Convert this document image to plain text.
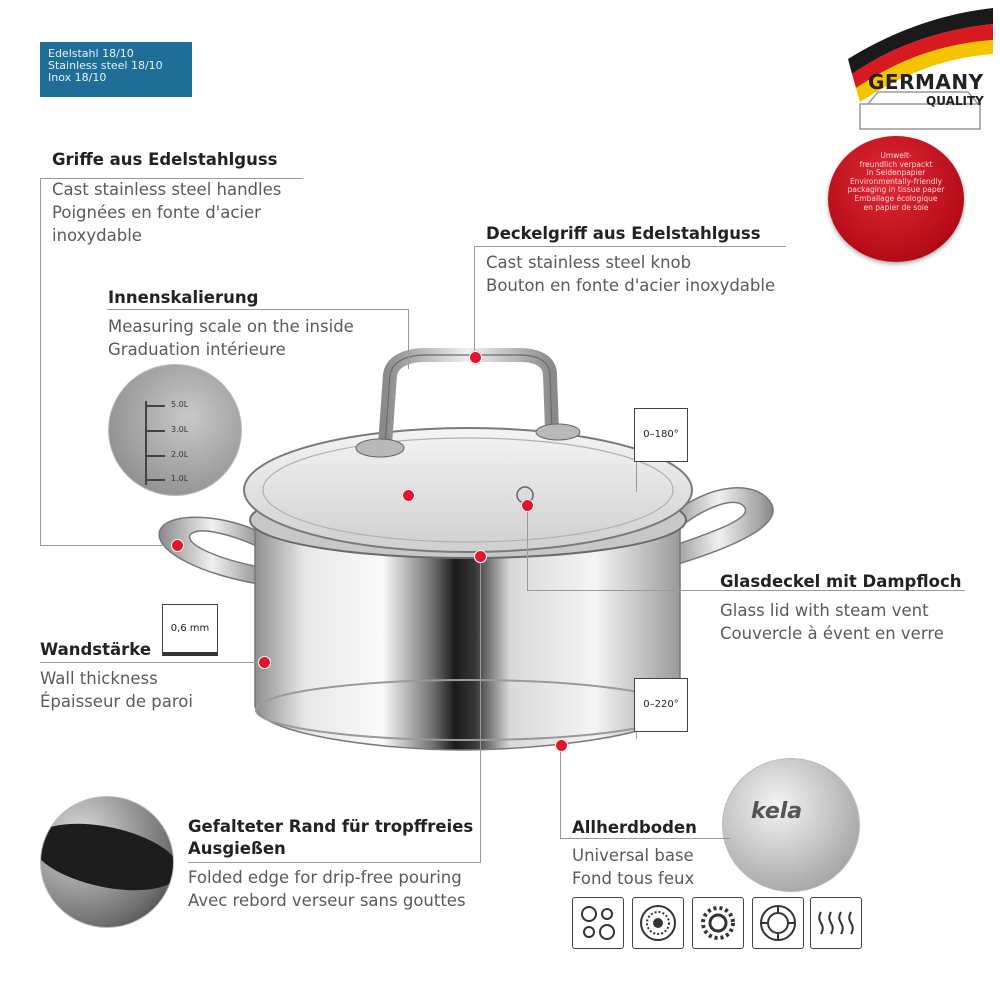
Edelstahl 18/10
Stainless steel 18/10
Inox 18/10	GERMANY
QUALITY
Umwelt-
freundlich verpackt
in Seidenpapier
Environmentally-friendly
packaging in tissue paper
Emballage écologique
en papier de soie
5.0L
3.0L
2.0L
1.0L
kela
Griffe aus Edelstahlguss
Cast stainless steel handles
Poignées en fonte d'acier
inoxydable
Innenskalierung
Measuring scale on the inside
Graduation intérieure
Deckelgriff aus Edelstahlguss
Cast stainless steel knob
Bouton en fonte d'acier inoxydable
Glasdeckel mit Dampfloch
Glass lid with steam vent
Couvercle à évent en verre
Wandstärke
Wall thickness
Épaisseur de paroi
Gefalteter Rand für tropffreies
Ausgießen
Folded edge for drip-free pouring
Avec rebord verseur sans gouttes
Allherdboden
Universal base
Fond tous feux
0–180°
0–220°
0,6 mm
